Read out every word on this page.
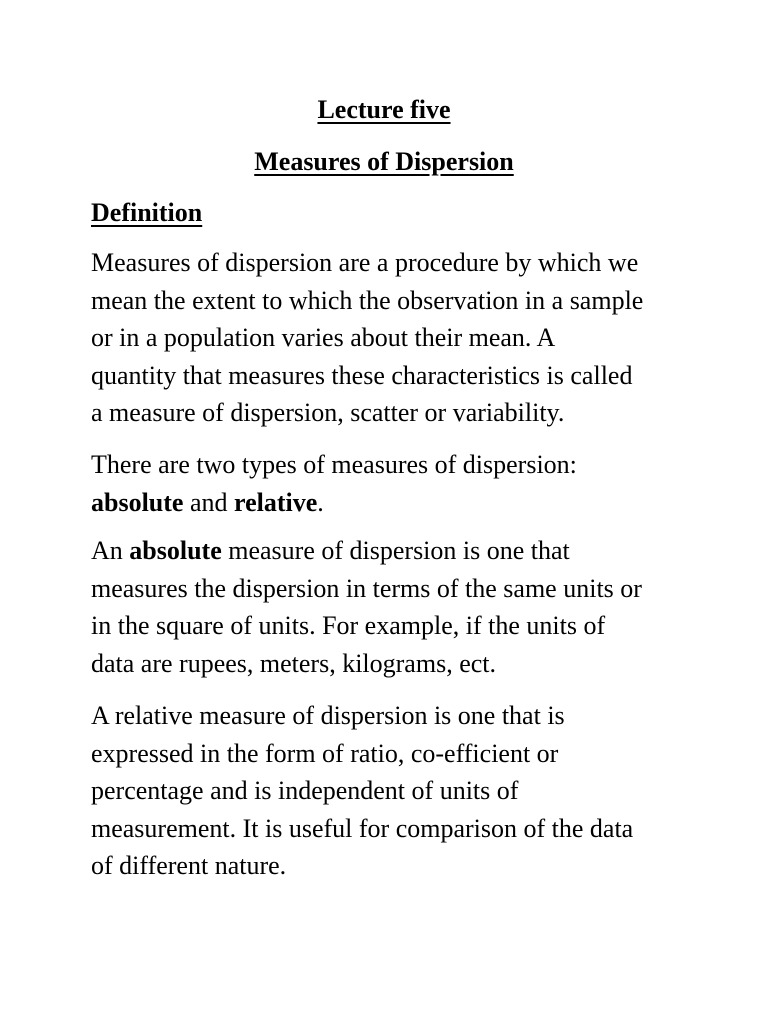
Lecture five
Measures of Dispersion
Definition

Measures of dispersion are a procedure by which we
mean the extent to which the observation in a sample
or in a population varies about their mean. A
quantity that measures these characteristics is called
a measure of dispersion, scatter or variability.

There are two types of measures of dispersion:
absolute and relative.

An absolute measure of dispersion is one that
measures the dispersion in terms of the same units or
in the square of units. For example, if the units of
data are rupees, meters, kilograms, ect.

A relative measure of dispersion is one that is
expressed in the form of ratio, co-efficient or
percentage and is independent of units of
measurement. It is useful for comparison of the data
of different nature.
